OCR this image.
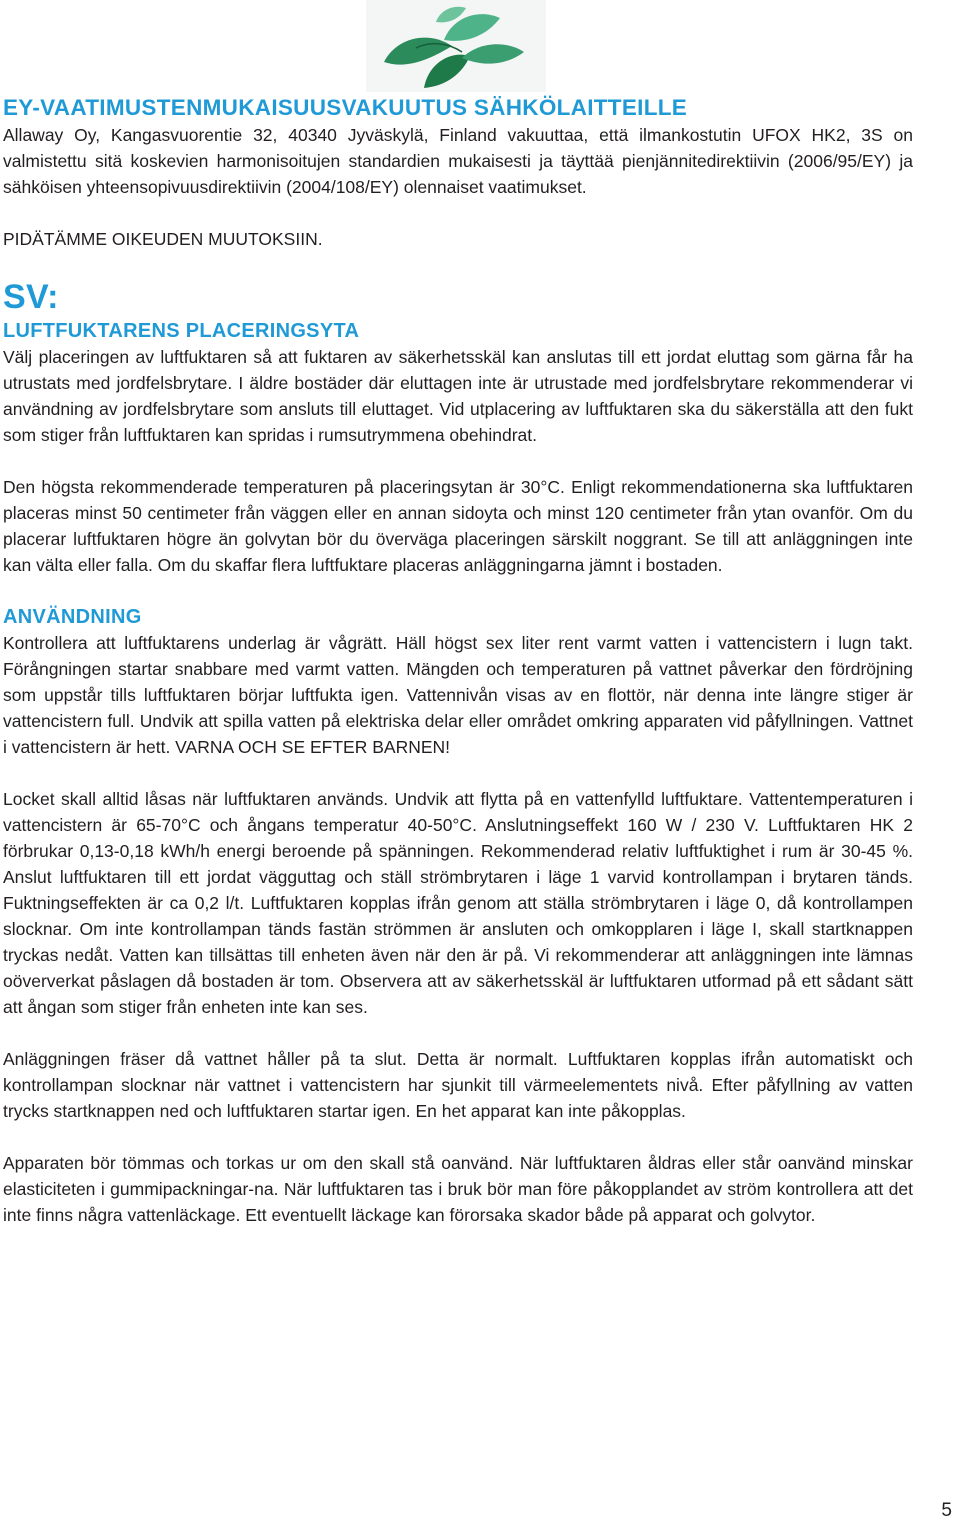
EY-VAATIMUSTENMUKAISUUSVAKUUTUS SÄHKÖLAITTEILLE

Allaway Oy, Kangasvuorentie 32, 40340 Jyväskylä, Finland vakuuttaa, että ilmankostutin UFOX HK2, 3S on valmistettu sitä koskevien harmonisoitujen standardien mukaisesti ja täyttää pienjännitedirektiivin (2006/95/EY) ja sähköisen yhteensopivuusdirektiivin (2004/108/EY) olennaiset vaatimukset.

PIDÄTÄMME OIKEUDEN MUUTOKSIIN.

SV:
LUFTFUKTARENS PLACERINGSYTA

Välj placeringen av luftfuktaren så att fuktaren av säkerhetsskäl kan anslutas till ett jordat eluttag som gärna får ha utrustats med jordfelsbrytare. I äldre bostäder där eluttagen inte är utrustade med jordfelsbrytare rekommenderar vi användning av jordfelsbrytare som ansluts till eluttaget. Vid utplacering av luftfuktaren ska du säkerställa att den fukt som stiger från luftfuktaren kan spridas i rumsutrymmena obehindrat.

Den högsta rekommenderade temperaturen på placeringsytan är 30°C. Enligt rekommendationerna ska luftfuktaren placeras minst 50 centimeter från väggen eller en annan sidoyta och minst 120 centimeter från ytan ovanför. Om du placerar luftfuktaren högre än golvytan bör du överväga placeringen särskilt noggrant. Se till att anläggningen inte kan välta eller falla. Om du skaffar flera luftfuktare placeras anläggningarna jämnt i bostaden.

ANVÄNDNING

Kontrollera att luftfuktarens underlag är vågrätt. Häll högst sex liter rent varmt vatten i vattencistern i lugn takt. Förångningen startar snabbare med varmt vatten. Mängden och temperaturen på vattnet påverkar den fördröjning som uppstår tills luftfuktaren börjar luftfukta igen. Vattennivån visas av en flottör, när denna inte längre stiger är vattencistern full. Undvik att spilla vatten på elektriska delar eller området omkring apparaten vid påfyllningen. Vattnet i vattencistern är hett. VARNA OCH SE EFTER BARNEN!

Locket skall alltid låsas när luftfuktaren används. Undvik att flytta på en vattenfylld luftfuktare. Vattentemperaturen i vattencistern är 65-70°C och ångans temperatur 40-50°C. Anslutningseffekt 160 W / 230 V. Luftfuktaren HK 2 förbrukar 0,13-0,18 kWh/h energi beroende på spänningen. Rekommenderad relativ luftfuktighet i rum är 30-45 %. Anslut luftfuktaren till ett jordat vägguttag och ställ strömbrytaren i läge 1 varvid kontrollampan i brytaren tänds. Fuktningseffekten är ca 0,2 l/t. Luftfuktaren kopplas ifrån genom att ställa strömbrytaren i läge 0, då kontrollampen slocknar. Om inte kontrollampan tänds fastän strömmen är ansluten och omkopplaren i läge I, skall startknappen tryckas nedåt. Vatten kan tillsättas till enheten även när den är på. Vi rekommenderar att anläggningen inte lämnas oöververkat påslagen då bostaden är tom. Observera att av säkerhetsskäl är luftfuktaren utformad på ett sådant sätt att ångan som stiger från enheten inte kan ses.

Anläggningen fräser då vattnet håller på ta slut. Detta är normalt. Luftfuktaren kopplas ifrån automatiskt och kontrollampan slocknar när vattnet i vattencistern har sjunkit till värmeelementets nivå. Efter påfyllning av vatten trycks startknappen ned och luftfuktaren startar igen. En het apparat kan inte påkopplas.

Apparaten bör tömmas och torkas ur om den skall stå oanvänd. När luftfuktaren åldras eller står oanvänd minskar elasticiteten i gummipackningar-na. När luftfuktaren tas i bruk bör man före påkopplandet av ström kontrollera att det inte finns några vattenläckage. Ett eventuellt läckage kan förorsaka skador både på apparat och golvytor.

5
